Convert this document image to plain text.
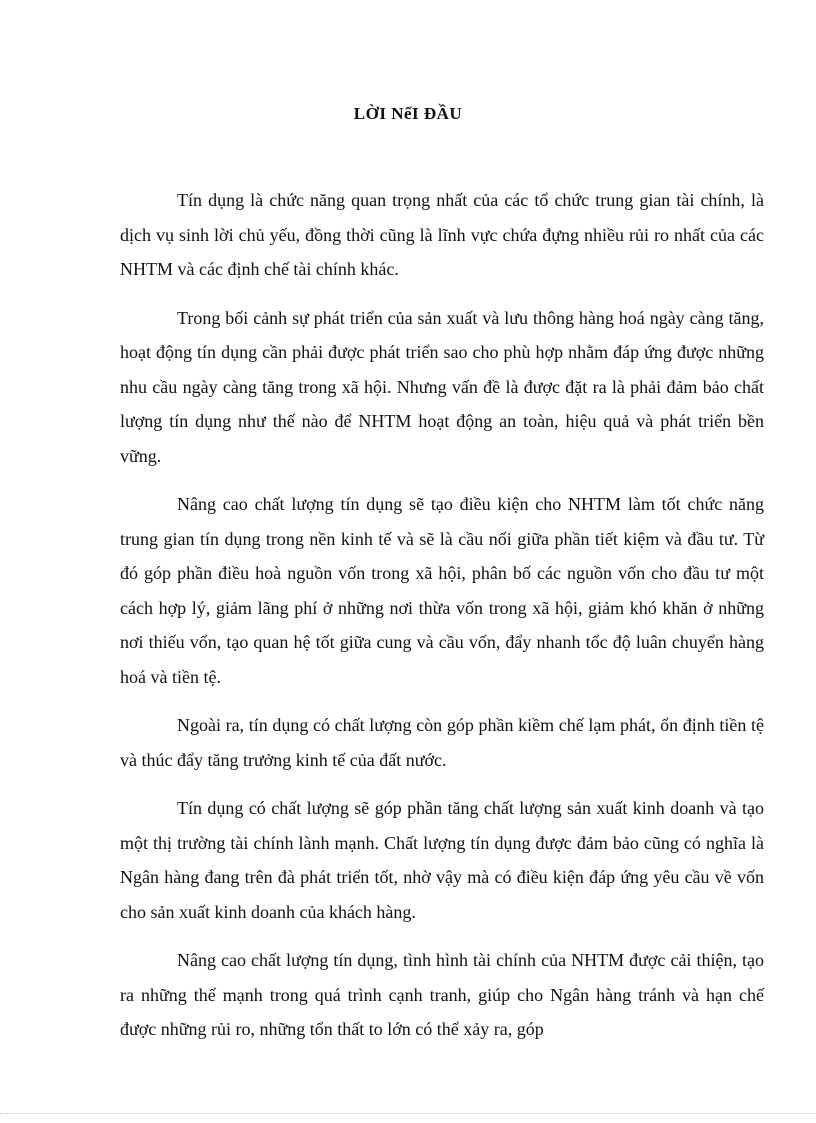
LỜI NểI ĐẦU

Tín dụng là chức năng quan trọng nhất của các tổ chức trung gian tài chính, là dịch vụ sinh lời chủ yếu, đồng thời cũng là lĩnh vực chứa đựng nhiều rủi ro nhất của các NHTM và các định chế tài chính khác.

Trong bối cảnh sự phát triển của sản xuất và lưu thông hàng hoá ngày càng tăng, hoạt động tín dụng cần phải được phát triển sao cho phù hợp nhằm đáp ứng được những nhu cầu ngày càng tăng trong xã hội. Nhưng vấn đề là được đặt ra là phải đảm bảo chất lượng tín dụng như thế nào để NHTM hoạt động an toàn, hiệu quả và phát triển bền vững.

Nâng cao chất lượng tín dụng sẽ tạo điều kiện cho NHTM làm tốt chức năng trung gian tín dụng trong nền kinh tế và sẽ là cầu nối giữa phần tiết kiệm và đầu tư. Từ đó góp phần điều hoà nguồn vốn trong xã hội, phân bố các nguồn vốn cho đầu tư một cách hợp lý, giảm lãng phí ở những nơi thừa vốn trong xã hội, giảm khó khăn ở những nơi thiếu vốn, tạo quan hệ tốt giữa cung và cầu vốn, đẩy nhanh tốc độ luân chuyển hàng hoá và tiền tệ.

Ngoài ra, tín dụng có chất lượng còn góp phần kiềm chế lạm phát, ổn định tiền tệ và thúc đẩy tăng trưởng kinh tế của đất nước.

Tín dụng có chất lượng sẽ góp phần tăng chất lượng sản xuất kinh doanh và tạo một thị trường tài chính lành mạnh. Chất lượng tín dụng được đảm bảo cũng có nghĩa là Ngân hàng đang trên đà phát triển tốt, nhờ vậy mà có điều kiện đáp ứng yêu cầu về vốn cho sản xuất kinh doanh của khách hàng.

Nâng cao chất lượng tín dụng, tình hình tài chính của NHTM được cải thiện, tạo ra những thế mạnh trong quá trình cạnh tranh, giúp cho Ngân hàng tránh và hạn chế được những rủi ro, những tổn thất to lớn có thể xảy ra, góp
